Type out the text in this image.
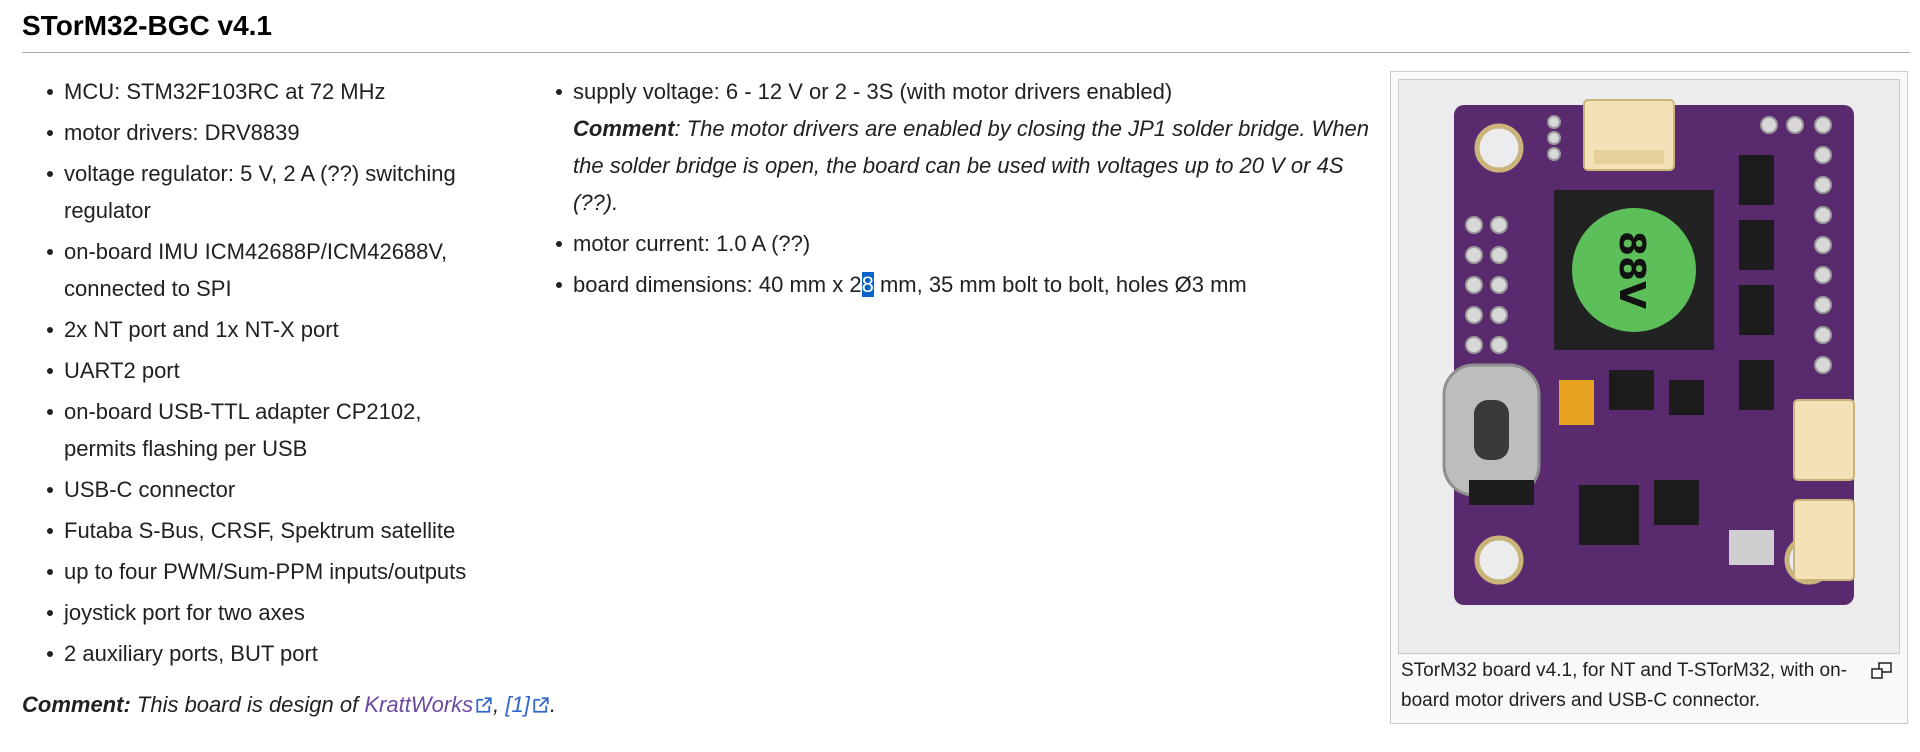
STorM32-BGC v4.1
MCU: STM32F103RC at 72 MHz
motor drivers: DRV8839
voltage regulator: 5 V, 2 A (??) switching regulator
on-board IMU ICM42688P/ICM42688V, connected to SPI
2x NT port and 1x NT-X port
UART2 port
on-board USB-TTL adapter CP2102, permits flashing per USB
USB-C connector
Futaba S-Bus, CRSF, Spektrum satellite
up to four PWM/Sum-PPM inputs/outputs
joystick port for two axes
2 auxiliary ports, BUT port
supply voltage: 6 - 12 V or 2 - 3S (with motor drivers enabled)
Comment: The motor drivers are enabled by closing the JP1 solder bridge. When the solder bridge is open, the board can be used with voltages up to 20 V or 4S (??).
motor current: 1.0 A (??)
board dimensions: 40 mm x 28 mm, 35 mm bolt to bolt, holes Ø3 mm
Comment: This board is design of KrattWorks , [1] .
88V
STorM32 board v4.1, for NT and T-STorM32, with on-board motor drivers and USB-C connector.
